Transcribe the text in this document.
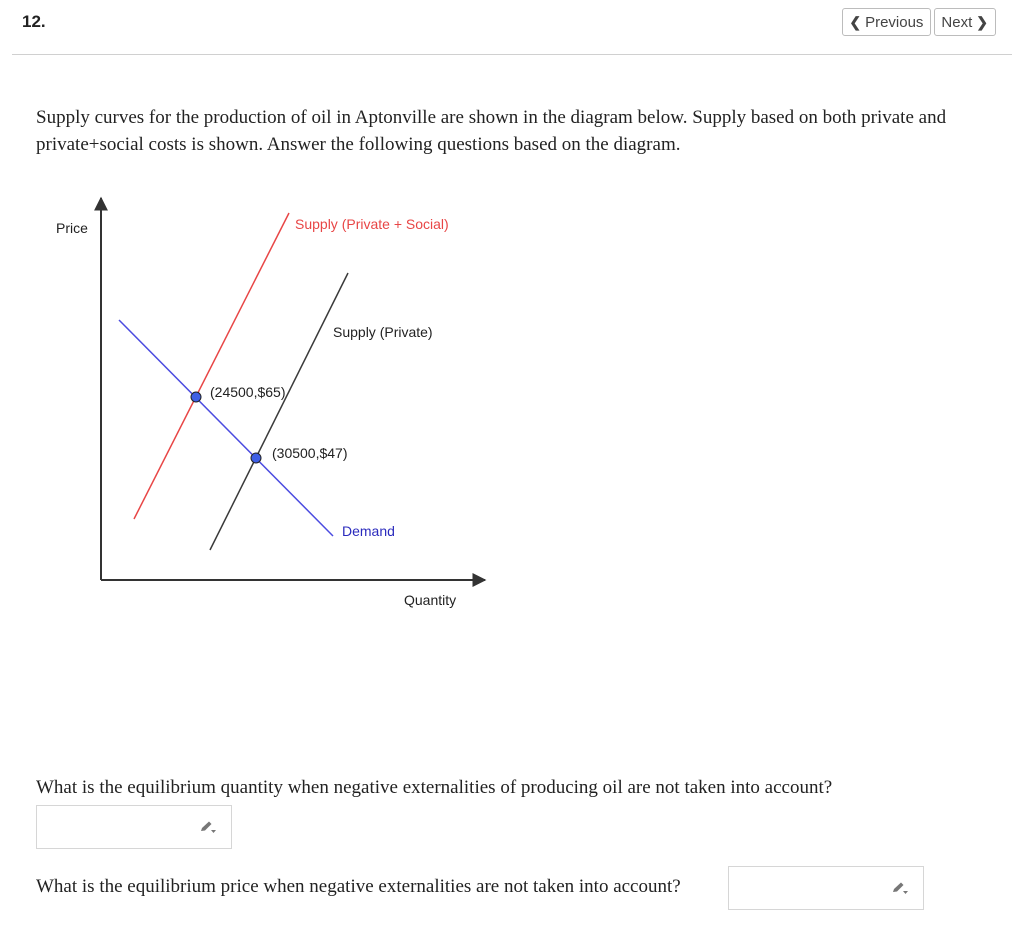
12.	❮ Previous Next ❯
Supply curves for the production of oil in Aptonville are shown in the diagram below. Supply based on both private and private+social costs is shown. Answer the following questions based on the diagram.
Price
Quantity
Supply (Private + Social)
Supply (Private)
Demand
(24500,$65)
(30500,$47)
What is the equilibrium quantity when negative externalities of producing oil are not taken into account?
What is the equilibrium price when negative externalities are not taken into account?
